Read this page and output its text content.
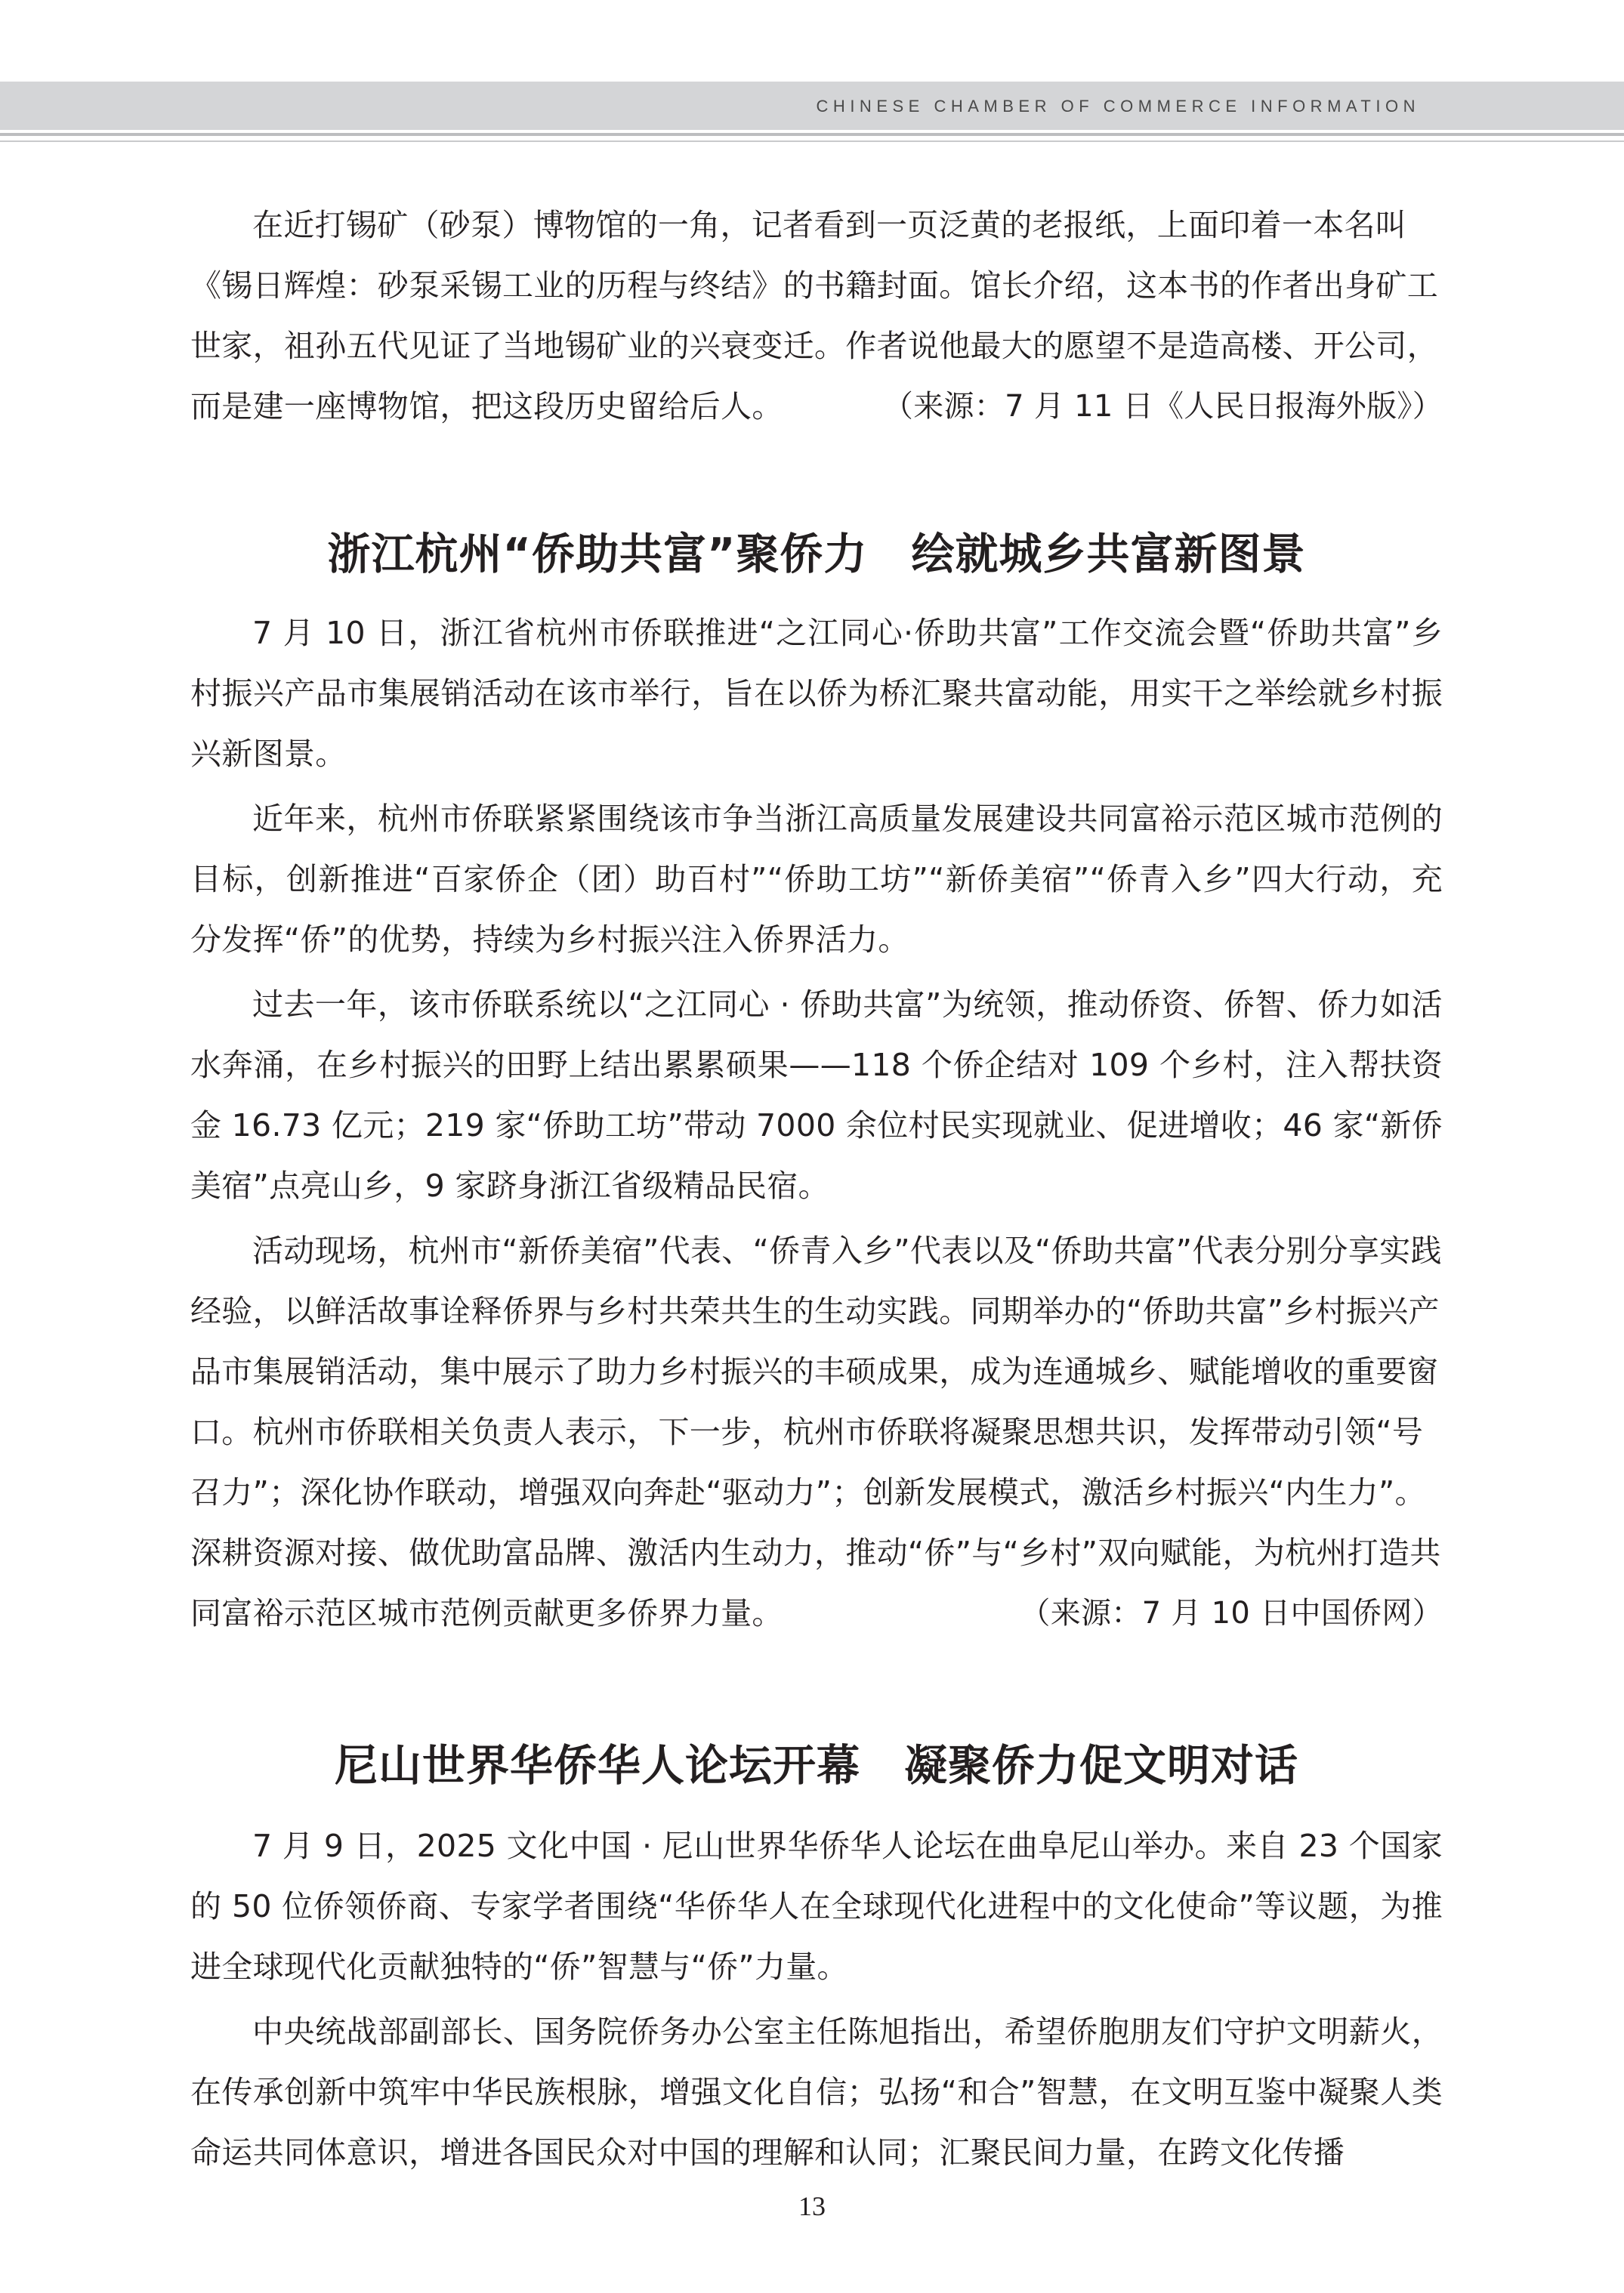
CHINESE CHAMBER OF COMMERCE INFORMATION

在近打锡矿（砂泵）博物馆的一角，记者看到一页泛黄的老报纸，上面印着一本名叫《锡日辉煌：砂泵采锡工业的历程与终结》的书籍封面。馆长介绍，这本书的作者出身矿工世家，祖孙五代见证了当地锡矿业的兴衰变迁。作者说他最大的愿望不是造高楼、开公司，而是建一座博物馆，把这段历史留给后人。	（来源：7 月 11 日《人民日报海外版》）

浙江杭州“侨助共富”聚侨力　绘就城乡共富新图景

7 月 10 日，浙江省杭州市侨联推进“之江同心·侨助共富”工作交流会暨“侨助共富”乡村振兴产品市集展销活动在该市举行，旨在以侨为桥汇聚共富动能，用实干之举绘就乡村振兴新图景。

近年来，杭州市侨联紧紧围绕该市争当浙江高质量发展建设共同富裕示范区城市范例的目标，创新推进“百家侨企（团）助百村”“侨助工坊”“新侨美宿”“侨青入乡”四大行动，充分发挥“侨”的优势，持续为乡村振兴注入侨界活力。

过去一年，该市侨联系统以“之江同心 · 侨助共富”为统领，推动侨资、侨智、侨力如活水奔涌，在乡村振兴的田野上结出累累硕果——118 个侨企结对 109 个乡村，注入帮扶资金 16.73 亿元；219 家“侨助工坊”带动 7000 余位村民实现就业、促进增收；46 家“新侨美宿”点亮山乡，9 家跻身浙江省级精品民宿。

活动现场，杭州市“新侨美宿”代表、“侨青入乡”代表以及“侨助共富”代表分别分享实践经验，以鲜活故事诠释侨界与乡村共荣共生的生动实践。同期举办的“侨助共富”乡村振兴产品市集展销活动，集中展示了助力乡村振兴的丰硕成果，成为连通城乡、赋能增收的重要窗口。杭州市侨联相关负责人表示，下一步，杭州市侨联将凝聚思想共识，发挥带动引领“号召力”；深化协作联动，增强双向奔赴“驱动力”；创新发展模式，激活乡村振兴“内生力”。深耕资源对接、做优助富品牌、激活内生动力，推动“侨”与“乡村”双向赋能，为杭州打造共同富裕示范区城市范例贡献更多侨界力量。	（来源：7 月 10 日中国侨网）

尼山世界华侨华人论坛开幕　凝聚侨力促文明对话

7 月 9 日，2025 文化中国 · 尼山世界华侨华人论坛在曲阜尼山举办。来自 23 个国家的 50 位侨领侨商、专家学者围绕“华侨华人在全球现代化进程中的文化使命”等议题，为推进全球现代化贡献独特的“侨”智慧与“侨”力量。

中央统战部副部长、国务院侨务办公室主任陈旭指出，希望侨胞朋友们守护文明薪火，在传承创新中筑牢中华民族根脉，增强文化自信；弘扬“和合”智慧，在文明互鉴中凝聚人类命运共同体意识，增进各国民众对中国的理解和认同；汇聚民间力量，在跨文化传播

13
